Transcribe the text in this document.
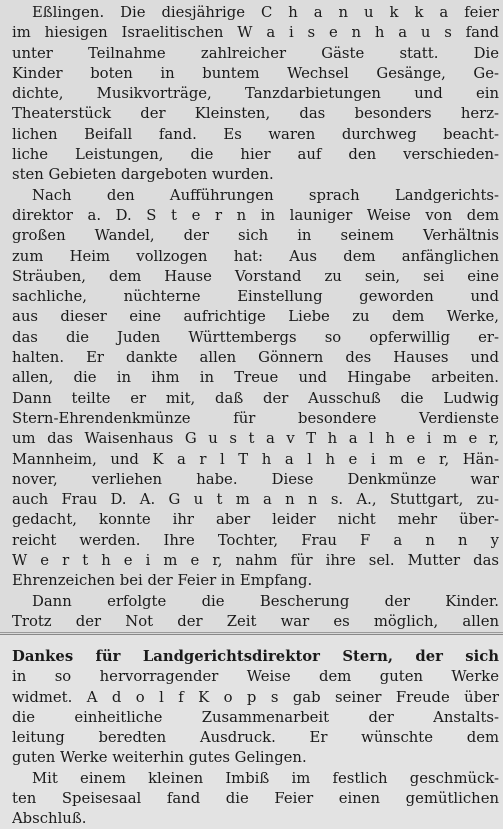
Eßlingen. Die diesjährige C h a n u k k a feier
im hiesigen Israelitischen W a i s e n h a u s fand
unter Teilnahme zahlreicher Gäste statt. Die
Kinder boten in buntem Wechsel Gesänge, Ge-
dichte, Musikvorträge, Tanzdarbietungen und ein
Theaterstück der Kleinsten, das besonders herz-
lichen Beifall fand. Es waren durchweg beacht-
liche Leistungen, die hier auf den verschieden-
sten Gebieten dargeboten wurden.
Nach den Aufführungen sprach Landgerichts-
direktor a. D. S t e r n in launiger Weise von dem
großen Wandel, der sich in seinem Verhältnis
zum Heim vollzogen hat: Aus dem anfänglichen
Sträuben, dem Hause Vorstand zu sein, sei eine
sachliche, nüchterne Einstellung geworden und
aus dieser eine aufrichtige Liebe zu dem Werke,
das die Juden Württembergs so opferwillig er-
halten. Er dankte allen Gönnern des Hauses und
allen, die in ihm in Treue und Hingabe arbeiten.
Dann teilte er mit, daß der Ausschuß die Ludwig
Stern-Ehrendenkmünze für besondere Verdienste
um das Waisenhaus G u s t a v T h a l h e i m e r,
Mannheim, und K a r l T h a l h e i m e r, Hän-
nover, verliehen habe. Diese Denkmünze war
auch Frau D. A. G u t m a n n s. A., Stuttgart, zu-
gedacht, konnte ihr aber leider nicht mehr über-
reicht werden. Ihre Tochter, Frau F a n n y
W e r t h e i m e r, nahm für ihre sel. Mutter das
Ehrenzeichen bei der Feier in Empfang.
Dann erfolgte die Bescherung der Kinder.
Trotz der Not der Zeit war es möglich, allen
Dankes für Landgerichtsdirektor Stern, der sich
in so hervorragender Weise dem guten Werke
widmet. A d o l f K o p s gab seiner Freude über
die einheitliche Zusammenarbeit der Anstalts-
leitung beredten Ausdruck. Er wünschte dem
guten Werke weiterhin gutes Gelingen.
Mit einem kleinen Imbiß im festlich geschmück-
ten Speisesaal fand die Feier einen gemütlichen
Abschluß.
